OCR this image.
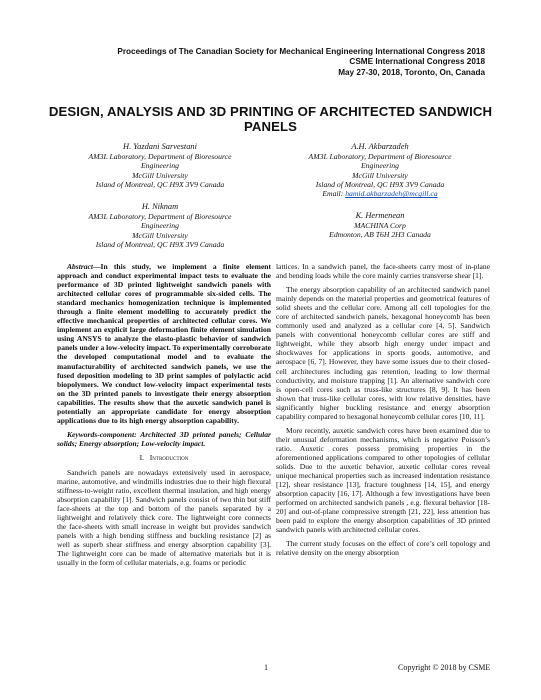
Proceedings of The Canadian Society for Mechanical Engineering International Congress 2018
CSME International Congress 2018
May 27-30, 2018, Toronto, On, Canada
DESIGN, ANALYSIS AND 3D PRINTING OF ARCHITECTED SANDWICH
PANELS
H. Yazdani Sarvestani
AM3L Laboratory, Department of Bioresource
Engineering
McGill University
Island of Montreal, QC H9X 3V9 Canada
A.H. Akbarzadeh
AM3L Laboratory, Department of Bioresource
Engineering
McGill University
Island of Montreal, QC H9X 3V9 Canada
Email: hamid.akbarzadeh@mcgill.ca
H. Niknam
AM3L Laboratory, Department of Bioresource
Engineering
McGill University
Island of Montreal, QC H9X 3V9 Canada
K. Hermenean
MACHINA Corp
Edmonton, AB T6H 2H3 Canada

Abstract—In this study, we implement a finite element approach and conduct experimental impact tests to evaluate the performance of 3D printed lightweight sandwich panels with architected cellular cores of programmable six-sided cells. The standard mechanics homogenization technique is implemented through a finite element modelling to accurately predict the effective mechanical properties of architected cellular cores. We implement an explicit large deformation finite element simulation using ANSYS to analyze the elasto-plastic behavior of sandwich panels under a low-velocity impact. To experimentally corroborate the developed computational model and to evaluate the manufacturability of architected sandwich panels, we use the fused deposition modeling to 3D print samples of polylactic acid biopolymers. We conduct low-velocity impact experimental tests on the 3D printed panels to investigate their energy absorption capabilities. The results show that the auxetic sandwich panel is potentially an appropriate candidate for energy absorption applications due to its high energy absorption capability.

Keywords-component: Architected 3D printed panels; Cellular solids; Energy absorption; Low-velocity impact.

I. Introduction

Sandwich panels are nowadays extensively used in aerospace, marine, automotive, and windmills industries due to their high flexural stiffness-to-weight ratio, excellent thermal insulation, and high energy absorption capability [1]. Sandwich panels consist of two thin but stiff face-sheets at the top and bottom of the panels separated by a lightweight and relatively thick core. The lightweight core connects the face-sheets with small increase in weight but provides sandwich panels with a high bending stiffness and buckling resistance [2] as well as superb shear stiffness and energy absorption capability [3]. The lightweight core can be made of alternative materials but it is usually in the form of cellular materials, e.g. foams or periodic

lattices. In a sandwich panel, the face-sheets carry most of in-plane and bending loads while the core mainly carries transverse shear [1].

The energy absorption capability of an architected sandwich panel mainly depends on the material properties and geometrical features of solid sheets and the cellular core. Among all cell topologies for the core of architected sandwich panels, hexagonal honeycomb has been commonly used and analyzed as a cellular core [4, 5]. Sandwich panels with conventional honeycomb cellular cores are stiff and lightweight, while they absorb high energy under impact and shockwaves for applications in sports goods, automotive, and aerospace [6, 7]. However, they have some issues due to their closed-cell architectures including gas retention, leading to low thermal conductivity, and moisture trapping [1]. An alternative sandwich core is open-cell cores such as truss-like structures [8, 9]. It has been shown that truss-like cellular cores, with low relative densities, have significantly higher buckling resistance and energy absorption capability compared to hexagonal honeycomb cellular cores [10, 11].

More recently, auxetic sandwich cores have been examined due to their unusual deformation mechanisms, which is negative Poisson’s ratio. Auxetic cores possess promising properties in the aforementioned applications compared to other topologies of cellular solids. Due to the auxetic behavior, auxetic cellular cores reveal unique mechanical properties such as increased indentation resistance [12], shear resistance [13], fracture toughness [14, 15], and energy absorption capacity [16, 17]. Although a few investigations have been performed on architected sandwich panels , e.g. flexural behavior [18-20] and out-of-plane compressive strength [21, 22], less attention has been paid to explore the energy absorption capabilities of 3D printed sandwich panels with architected cellular cores.

The current study focuses on the effect of core’s cell topology and relative density on the energy absorption

1	Copyright © 2018 by CSME
